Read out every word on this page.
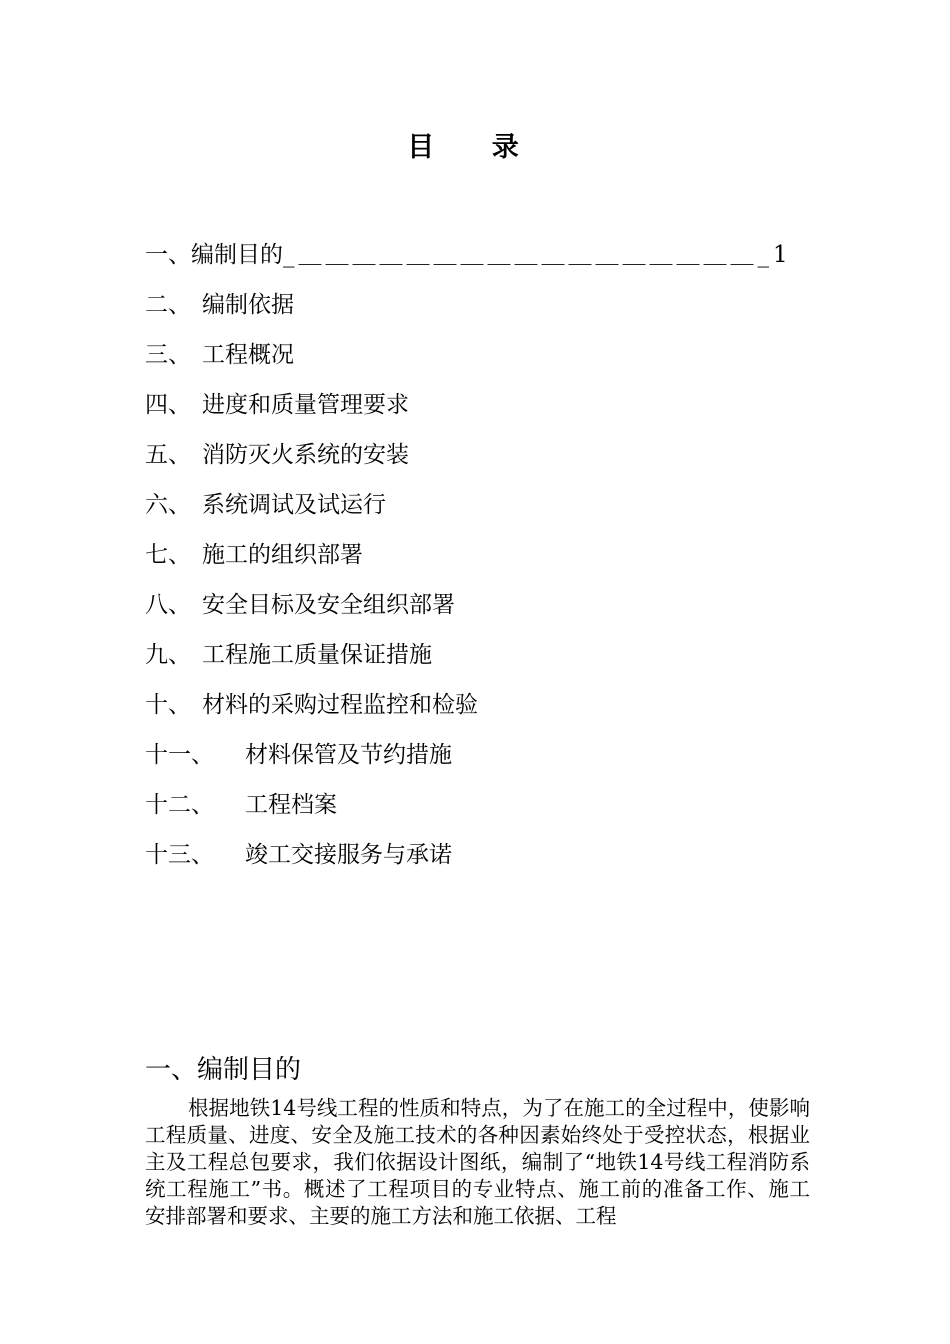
目 录
一、 编制目的 _＿＿＿＿＿＿＿＿＿＿＿＿＿＿＿＿＿_ 1
二、 编制依据
三、 工程概况
四、 进度和质量管理要求
五、 消防灭火系统的安装
六、 系统调试及试运行
七、 施工的组织部署
八、 安全目标及安全组织部署
九、 工程施工质量保证措施
十、 材料的采购过程监控和检验
十一、	材料保管及节约措施
十二、	工程档案
十三、	竣工交接服务与承诺
一、编制目的

根据地铁14号线工程的性质和特点，为了在施工的全过程中，使影响工程质量、进度、安全及施工技术的各种因素始终处于受控状态，根据业主及工程总包要求，我们依据设计图纸，编制了“地铁14号线工程消防系统工程施工”书。概述了工程项目的专业特点、施工前的准备工作、施工安排部署和要求、主要的施工方法和施工依据、工程
